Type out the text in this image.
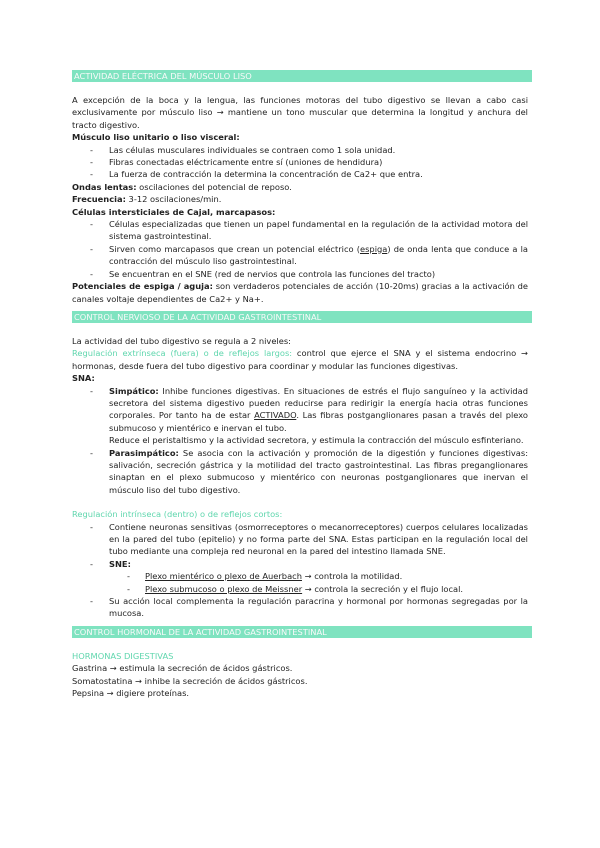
ACTIVIDAD ELÉCTRICA DEL MÚSCULO LISO

A excepción de la boca y la lengua, las funciones motoras del tubo digestivo se llevan a cabo casi exclusivamente por músculo liso → mantiene un tono muscular que determina la longitud y anchura del tracto digestivo.

Músculo liso unitario o liso visceral:

- Las células musculares individuales se contraen como 1 sola unidad.
- Fibras conectadas eléctricamente entre sí (uniones de hendidura)
- La fuerza de contracción la determina la concentración de Ca2+ que entra.

Ondas lentas: oscilaciones del potencial de reposo.

Frecuencia: 3-12 oscilaciones/min.

Células intersticiales de Cajal, marcapasos:

- Células especializadas que tienen un papel fundamental en la regulación de la actividad motora del sistema gastrointestinal.
- Sirven como marcapasos que crean un potencial eléctrico (espiga) de onda lenta que conduce a la contracción del músculo liso gastrointestinal.
- Se encuentran en el SNE (red de nervios que controla las funciones del tracto)

Potenciales de espiga / aguja: son verdaderos potenciales de acción (10-20ms) gracias a la activación de canales voltaje dependientes de Ca2+ y Na+.

CONTROL NERVIOSO DE LA ACTIVIDAD GASTROINTESTINAL

La actividad del tubo digestivo se regula a 2 niveles:

Regulación extrínseca (fuera) o de reflejos largos: control que ejerce el SNA y el sistema endocrino → hormonas, desde fuera del tubo digestivo para coordinar y modular las funciones digestivas.

SNA:

- Simpático: Inhibe funciones digestivas. En situaciones de estrés el flujo sanguíneo y la actividad secretora del sistema digestivo pueden reducirse para redirigir la energía hacia otras funciones corporales. Por tanto ha de estar ACTIVADO. Las fibras postganglionares pasan a través del plexo submucoso y mientérico e inervan el tubo.
Reduce el peristaltismo y la actividad secretora, y estimula la contracción del músculo esfinteriano.
- Parasimpático: Se asocia con la activación y promoción de la digestión y funciones digestivas: salivación, secreción gástrica y la motilidad del tracto gastrointestinal. Las fibras preganglionares sinaptan en el plexo submucoso y mientérico con neuronas postganglionares que inervan el músculo liso del tubo digestivo.

Regulación intrínseca (dentro) o de reflejos cortos:

- Contiene neuronas sensitivas (osmorreceptores o mecanorreceptores) cuerpos celulares localizadas en la pared del tubo (epitelio) y no forma parte del SNA. Estas participan en la regulación local del tubo mediante una compleja red neuronal en la pared del intestino llamada SNE.
- SNE:
- Plexo mientérico o plexo de Auerbach → controla la motilidad.
- Plexo submucoso o plexo de Meissner → controla la secreción y el flujo local.
- Su acción local complementa la regulación paracrina y hormonal por hormonas segregadas por la mucosa.
CONTROL HORMONAL DE LA ACTIVIDAD GASTROINTESTINAL

HORMONAS DIGESTIVAS

Gastrina → estimula la secreción de ácidos gástricos.

Somatostatina → inhibe la secreción de ácidos gástricos.

Pepsina → digiere proteínas.
